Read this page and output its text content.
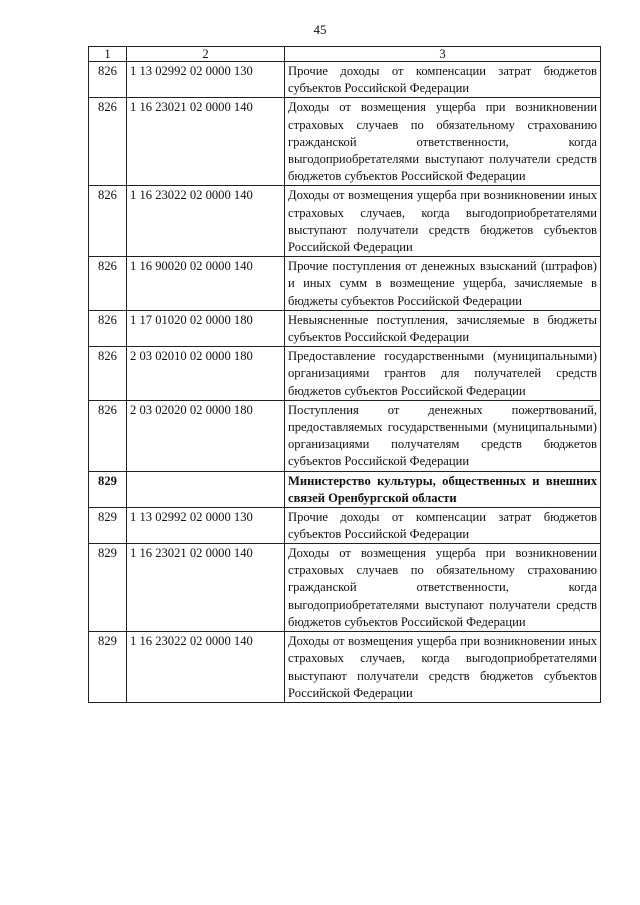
45
1	2	3
826	1 13 02992 02 0000 130	Прочие доходы от компенсации затрат бюджетов субъектов Российской Федерации
826	1 16 23021 02 0000 140	Доходы от возмещения ущерба при возникновении страховых случаев по обязательному страхованию гражданской ответственности, когда выгодоприобретателями выступают получатели средств бюджетов субъектов Российской Федерации
826	1 16 23022 02 0000 140	Доходы от возмещения ущерба при возникновении иных страховых случаев, когда выгодоприобретателями выступают получатели средств бюджетов субъектов Российской Федерации
826	1 16 90020 02 0000 140	Прочие поступления от денежных взысканий (штрафов) и иных сумм в возмещение ущерба, зачисляемые в бюджеты субъектов Российской Федерации
826	1 17 01020 02 0000 180	Невыясненные поступления, зачисляемые в бюджеты субъектов Российской Федерации
826	2 03 02010 02 0000 180	Предоставление государственными (муниципальными) организациями грантов для получателей средств бюджетов субъектов Российской Федерации
826	2 03 02020 02 0000 180	Поступления от денежных пожертвований, предоставляемых государственными (муниципальными) организациями получателям средств бюджетов субъектов Российской Федерации
829		Министерство культуры, общественных и внешних связей Оренбургской области
829	1 13 02992 02 0000 130	Прочие доходы от компенсации затрат бюджетов субъектов Российской Федерации
829	1 16 23021 02 0000 140	Доходы от возмещения ущерба при возникновении страховых случаев по обязательному страхованию гражданской ответственности, когда выгодоприобретателями выступают получатели средств бюджетов субъектов Российской Федерации
829	1 16 23022 02 0000 140	Доходы от возмещения ущерба при возникновении иных страховых случаев, когда выгодоприобретателями выступают получатели средств бюджетов субъектов Российской Федерации
